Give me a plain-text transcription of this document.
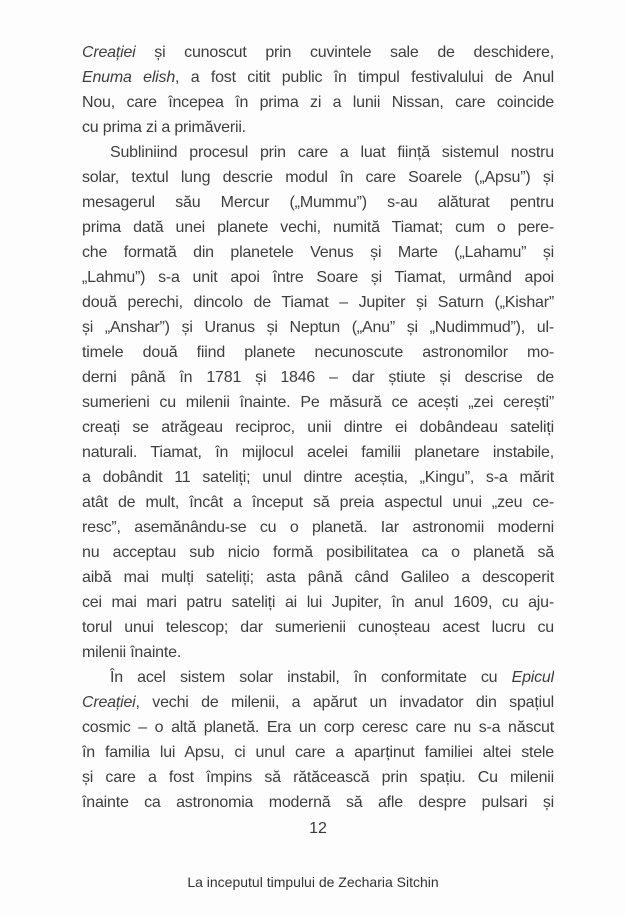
Creației și cunoscut prin cuvintele sale de deschidere,
Enuma elish, a fost citit public în timpul festivalului de Anul
Nou, care începea în prima zi a lunii Nissan, care coincide
cu prima zi a primăverii.
Subliniind procesul prin care a luat ființă sistemul nostru
solar, textul lung descrie modul în care Soarele („Apsu”) și
mesagerul său Mercur („Mummu”) s-au alăturat pentru
prima dată unei planete vechi, numită Tiamat; cum o pere-
che formată din planetele Venus și Marte („Lahamu” și
„Lahmu”) s-a unit apoi între Soare și Tiamat, urmând apoi
două perechi, dincolo de Tiamat – Jupiter și Saturn („Kishar”
și „Anshar”) și Uranus și Neptun („Anu” și „Nudimmud”), ul-
timele două fiind planete necunoscute astronomilor mo-
derni până în 1781 și 1846 – dar știute și descrise de
sumerieni cu milenii înainte. Pe măsură ce acești „zei cerești”
creați se atrăgeau reciproc, unii dintre ei dobândeau sateliți
naturali. Tiamat, în mijlocul acelei familii planetare instabile,
a dobândit 11 sateliți; unul dintre aceștia, „Kingu”, s-a mărit
atât de mult, încât a început să preia aspectul unui „zeu ce-
resc”, asemănându-se cu o planetă. Iar astronomii moderni
nu acceptau sub nicio formă posibilitatea ca o planetă să
aibă mai mulți sateliți; asta până când Galileo a descoperit
cei mai mari patru sateliți ai lui Jupiter, în anul 1609, cu aju-
torul unui telescop; dar sumerienii cunoșteau acest lucru cu
milenii înainte.
În acel sistem solar instabil, în conformitate cu Epicul
Creației, vechi de milenii, a apărut un invadator din spațiul
cosmic – o altă planetă. Era un corp ceresc care nu s-a născut
în familia lui Apsu, ci unul care a aparținut familiei altei stele
și care a fost împins să rătăcească prin spațiu. Cu milenii
înainte ca astronomia modernă să afle despre pulsari și
12
La inceputul timpului de Zecharia Sitchin
